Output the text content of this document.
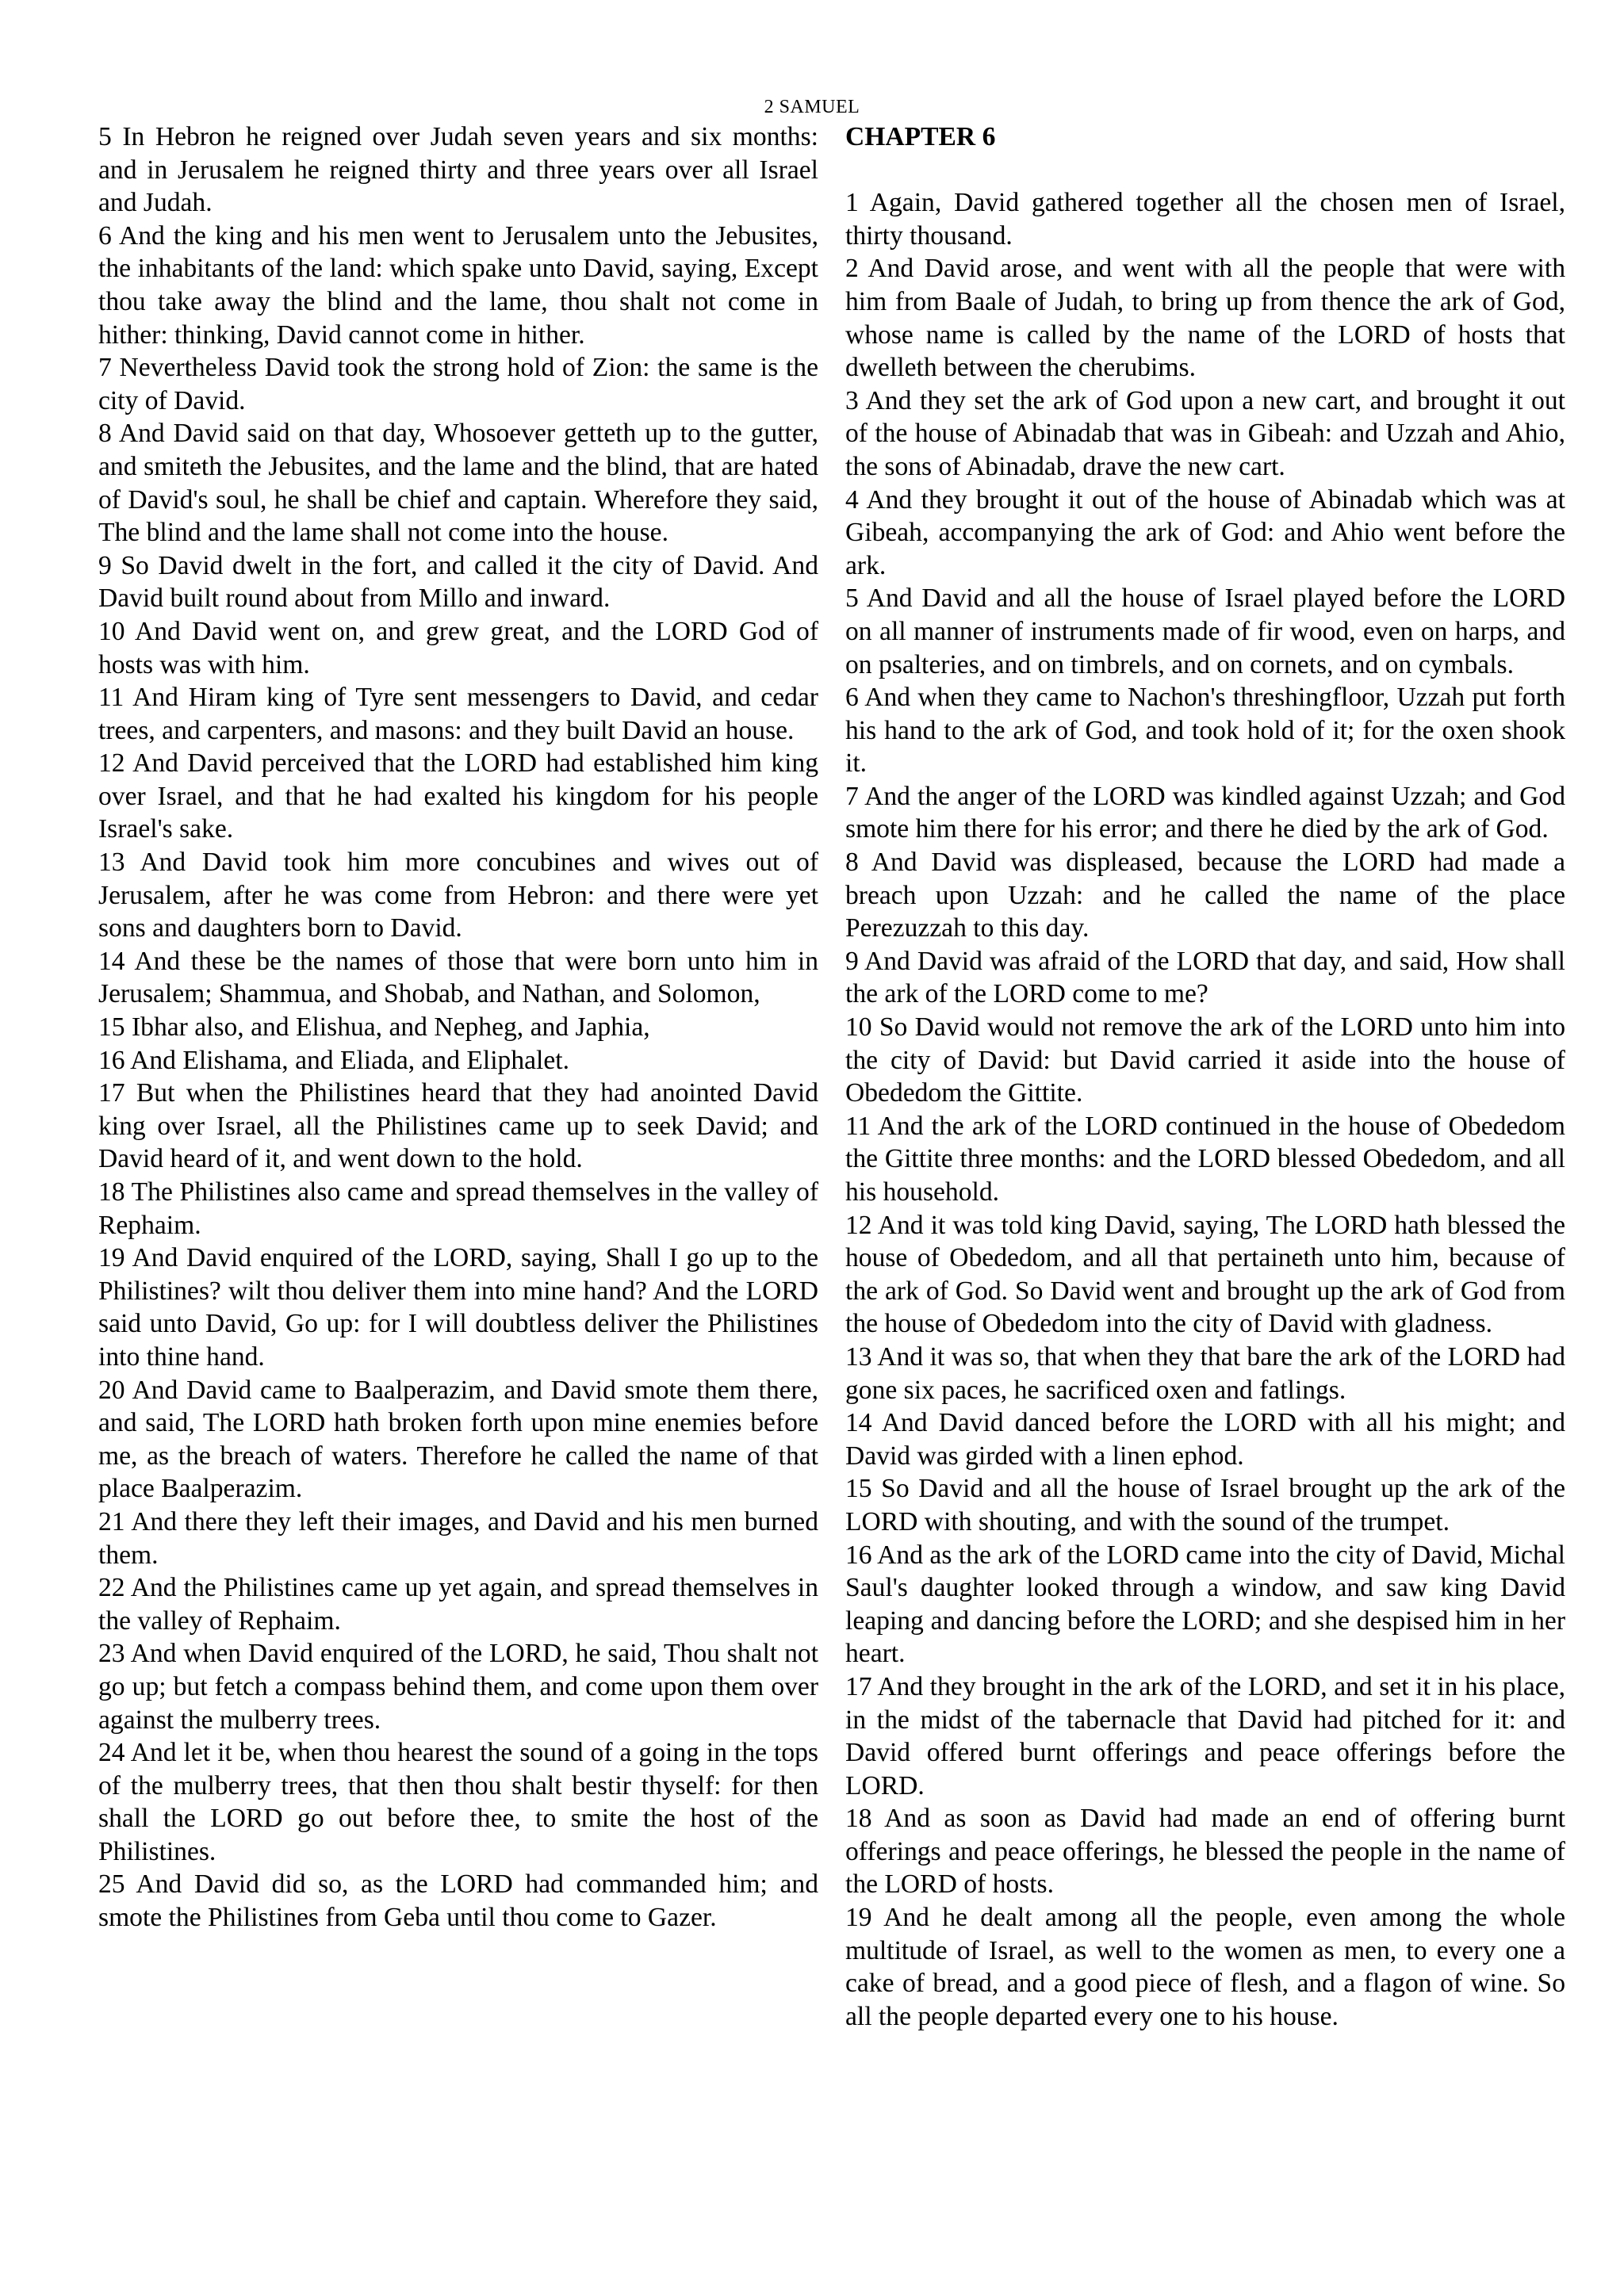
2 SAMUEL

5 In Hebron he reigned over Judah seven years and six months: and in Jerusalem he reigned thirty and three years over all Israel and Judah.

6 And the king and his men went to Jerusalem unto the Jebusites, the inhabitants of the land: which spake unto David, saying, Except thou take away the blind and the lame, thou shalt not come in hither: thinking, David cannot come in hither.

7 Nevertheless David took the strong hold of Zion: the same is the city of David.

8 And David said on that day, Whosoever getteth up to the gutter, and smiteth the Jebusites, and the lame and the blind, that are hated of David's soul, he shall be chief and captain. Wherefore they said, The blind and the lame shall not come into the house.

9 So David dwelt in the fort, and called it the city of David. And David built round about from Millo and inward.

10 And David went on, and grew great, and the LORD God of hosts was with him.

11 And Hiram king of Tyre sent messengers to David, and cedar trees, and carpenters, and masons: and they built David an house.

12 And David perceived that the LORD had established him king over Israel, and that he had exalted his kingdom for his people Israel's sake.

13 And David took him more concubines and wives out of Jerusalem, after he was come from Hebron: and there were yet sons and daughters born to David.

14 And these be the names of those that were born unto him in Jerusalem; Shammua, and Shobab, and Nathan, and Solomon,

15 Ibhar also, and Elishua, and Nepheg, and Japhia,

16 And Elishama, and Eliada, and Eliphalet.

17 But when the Philistines heard that they had anointed David king over Israel, all the Philistines came up to seek David; and David heard of it, and went down to the hold.

18 The Philistines also came and spread themselves in the valley of Rephaim.

19 And David enquired of the LORD, saying, Shall I go up to the Philistines? wilt thou deliver them into mine hand? And the LORD said unto David, Go up: for I will doubtless deliver the Philistines into thine hand.

20 And David came to Baalperazim, and David smote them there, and said, The LORD hath broken forth upon mine enemies before me, as the breach of waters. Therefore he called the name of that place Baalperazim.

21 And there they left their images, and David and his men burned them.

22 And the Philistines came up yet again, and spread themselves in the valley of Rephaim.

23 And when David enquired of the LORD, he said, Thou shalt not go up; but fetch a compass behind them, and come upon them over against the mulberry trees.

24 And let it be, when thou hearest the sound of a going in the tops of the mulberry trees, that then thou shalt bestir thyself: for then shall the LORD go out before thee, to smite the host of the Philistines.

25 And David did so, as the LORD had commanded him; and smote the Philistines from Geba until thou come to Gazer.

CHAPTER 6

1 Again, David gathered together all the chosen men of Israel, thirty thousand.

2 And David arose, and went with all the people that were with him from Baale of Judah, to bring up from thence the ark of God, whose name is called by the name of the LORD of hosts that dwelleth between the cherubims.

3 And they set the ark of God upon a new cart, and brought it out of the house of Abinadab that was in Gibeah: and Uzzah and Ahio, the sons of Abinadab, drave the new cart.

4 And they brought it out of the house of Abinadab which was at Gibeah, accompanying the ark of God: and Ahio went before the ark.

5 And David and all the house of Israel played before the LORD on all manner of instruments made of fir wood, even on harps, and on psalteries, and on timbrels, and on cornets, and on cymbals.

6 And when they came to Nachon's threshingfloor, Uzzah put forth his hand to the ark of God, and took hold of it; for the oxen shook it.

7 And the anger of the LORD was kindled against Uzzah; and God smote him there for his error; and there he died by the ark of God.

8 And David was displeased, because the LORD had made a breach upon Uzzah: and he called the name of the place Perezuzzah to this day.

9 And David was afraid of the LORD that day, and said, How shall the ark of the LORD come to me?

10 So David would not remove the ark of the LORD unto him into the city of David: but David carried it aside into the house of Obededom the Gittite.

11 And the ark of the LORD continued in the house of Obededom the Gittite three months: and the LORD blessed Obededom, and all his household.

12 And it was told king David, saying, The LORD hath blessed the house of Obededom, and all that pertaineth unto him, because of the ark of God. So David went and brought up the ark of God from the house of Obededom into the city of David with gladness.

13 And it was so, that when they that bare the ark of the LORD had gone six paces, he sacrificed oxen and fatlings.

14 And David danced before the LORD with all his might; and David was girded with a linen ephod.

15 So David and all the house of Israel brought up the ark of the LORD with shouting, and with the sound of the trumpet.

16 And as the ark of the LORD came into the city of David, Michal Saul's daughter looked through a window, and saw king David leaping and dancing before the LORD; and she despised him in her heart.

17 And they brought in the ark of the LORD, and set it in his place, in the midst of the tabernacle that David had pitched for it: and David offered burnt offerings and peace offerings before the LORD.

18 And as soon as David had made an end of offering burnt offerings and peace offerings, he blessed the people in the name of the LORD of hosts.

19 And he dealt among all the people, even among the whole multitude of Israel, as well to the women as men, to every one a cake of bread, and a good piece of flesh, and a flagon of wine. So all the people departed every one to his house.
